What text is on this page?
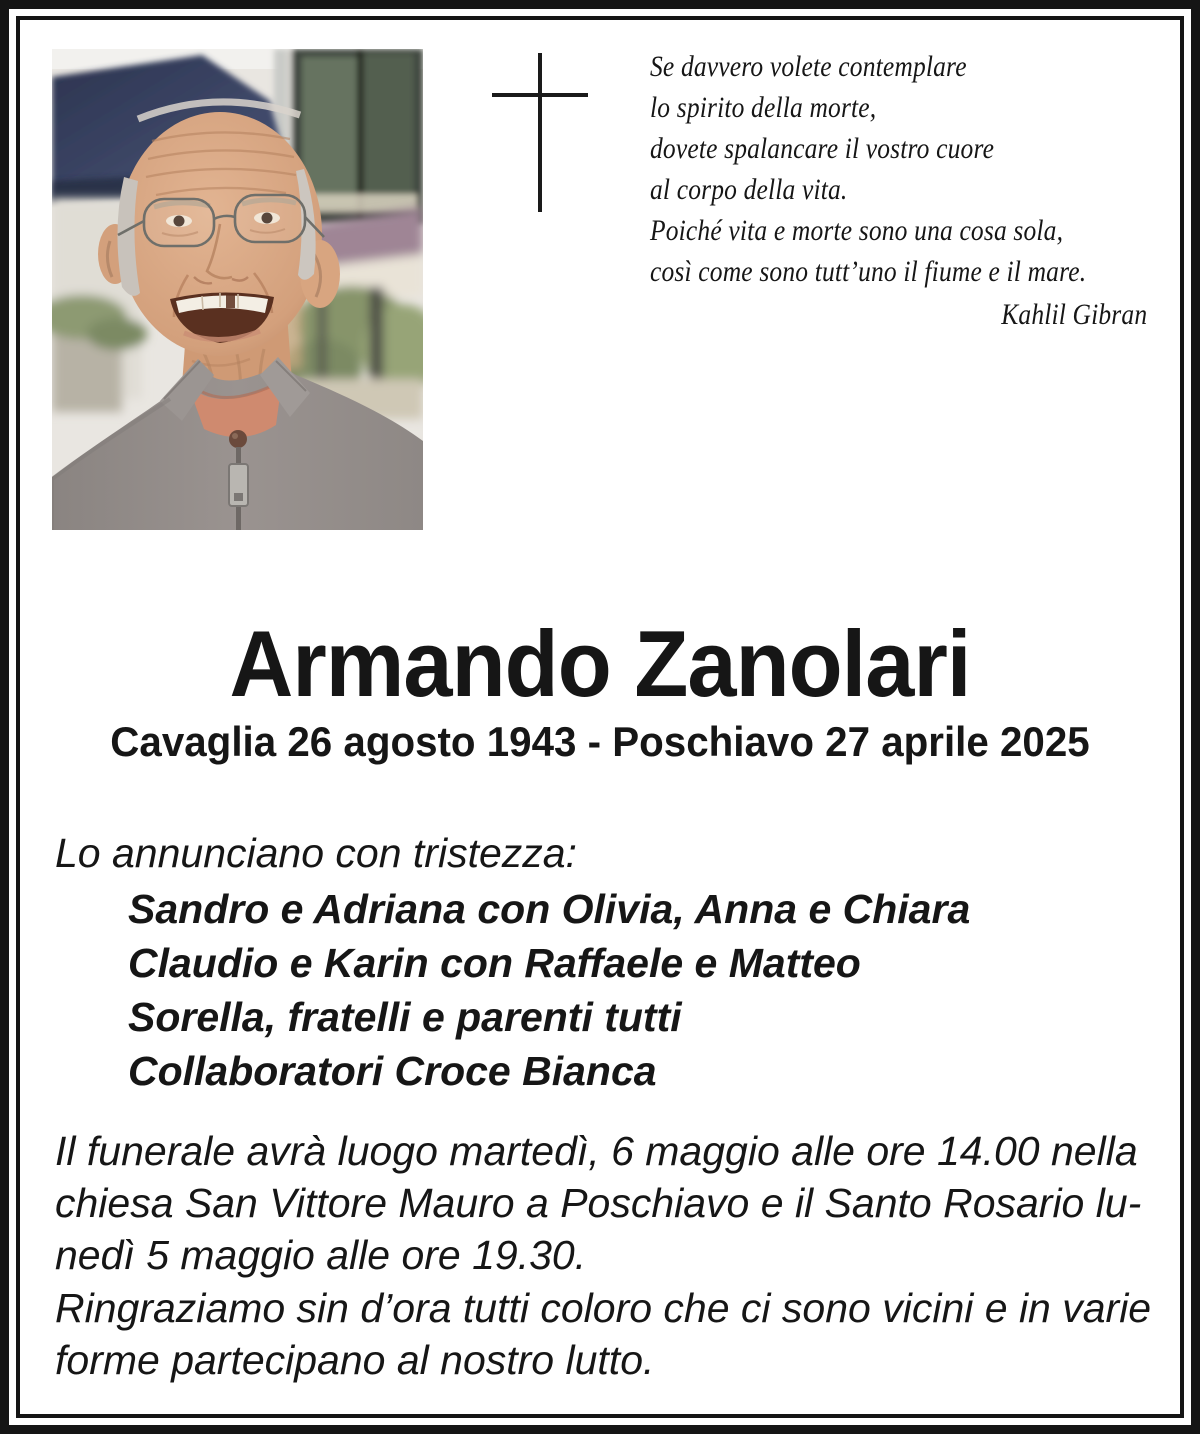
Se davvero volete contemplare
lo spirito della morte,
dovete spalancare il vostro cuore
al corpo della vita.
Poiché vita e morte sono una cosa sola,
così come sono tutt’uno il fiume e il mare.
Kahlil Gibran
Armando Zanolari
Cavaglia 26 agosto 1943 - Poschiavo 27 aprile 2025
Lo annunciano con tristezza:
Sandro e Adriana con Olivia, Anna e Chiara
Claudio e Karin con Raffaele e Matteo
Sorella, fratelli e parenti tutti
Collaboratori Croce Bianca
Il funerale avrà luogo martedì, 6 maggio alle ore 14.00 nella
chiesa San Vittore Mauro a Poschiavo e il Santo Rosario lu-
nedì 5 maggio alle ore 19.30.
Ringraziamo sin d’ora tutti coloro che ci sono vicini e in varie
forme partecipano al nostro lutto.
